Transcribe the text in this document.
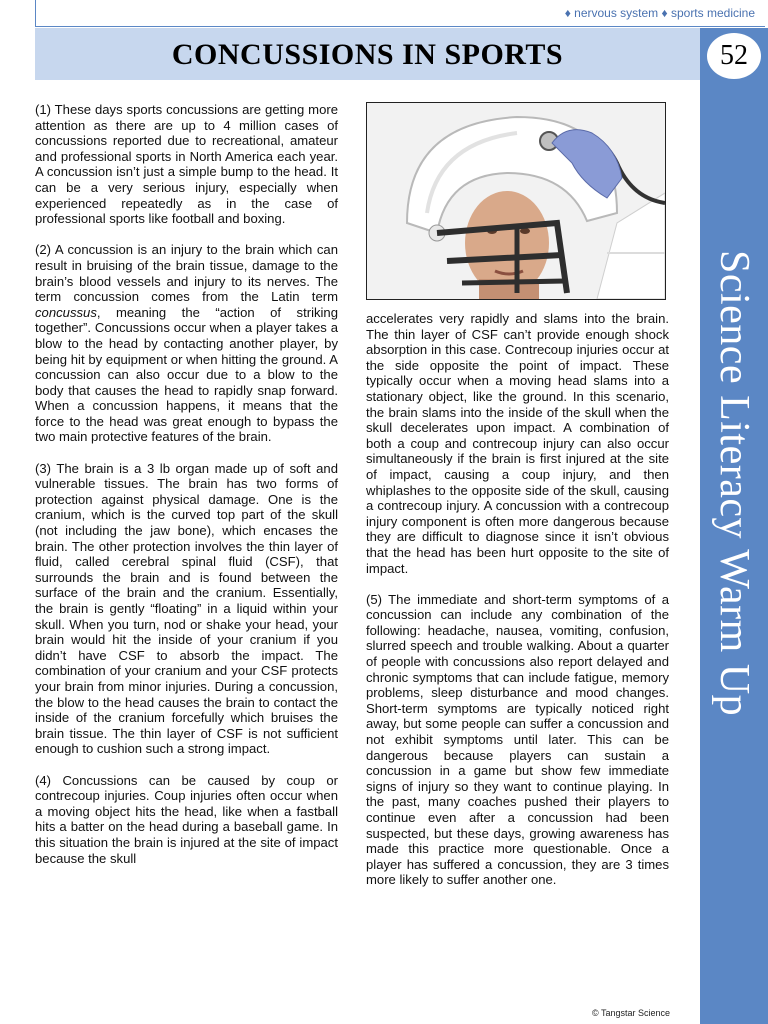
♦ nervous system ♦ sports medicine
CONCUSSIONS IN SPORTS	52
Science Literacy Warm Up

(1) These days sports concussions are getting more attention as there are up to 4 million cases of concussions reported due to recreational, amateur and professional sports in North America each year. A concussion isn’t just a simple bump to the head. It can be a very serious injury, especially when experienced repeatedly as in the case of professional sports like football and boxing.

(2) A concussion is an injury to the brain which can result in bruising of the brain tissue, damage to the brain’s blood vessels and injury to its nerves. The term concussion comes from the Latin term concussus, meaning the “action of striking together”. Concussions occur when a player takes a blow to the head by contacting another player, by being hit by equipment or when hitting the ground. A concussion can also occur due to a blow to the body that causes the head to rapidly snap forward. When a concussion happens, it means that the force to the head was great enough to bypass the two main protective features of the brain.

(3) The brain is a 3 lb organ made up of soft and vulnerable tissues. The brain has two forms of protection against physical damage. One is the cranium, which is the curved top part of the skull (not including the jaw bone), which encases the brain. The other protection involves the thin layer of fluid, called cerebral spinal fluid (CSF), that surrounds the brain and is found between the surface of the brain and the cranium. Essentially, the brain is gently “floating” in a liquid within your skull. When you turn, nod or shake your head, your brain would hit the inside of your cranium if you didn’t have CSF to absorb the impact. The combination of your cranium and your CSF protects your brain from minor injuries. During a concussion, the blow to the head causes the brain to contact the inside of the cranium forcefully which bruises the brain tissue. The thin layer of CSF is not sufficient enough to cushion such a strong impact.

(4) Concussions can be caused by coup or contrecoup injuries. Coup injuries often occur when a moving object hits the head, like when a fastball hits a batter on the head during a baseball game. In this situation the brain is injured at the site of impact because the skull

accelerates very rapidly and slams into the brain. The thin layer of CSF can’t provide enough shock absorption in this case. Contrecoup injuries occur at the side opposite the point of impact. These typically occur when a moving head slams into a stationary object, like the ground. In this scenario, the brain slams into the inside of the skull when the skull decelerates upon impact. A combination of both a coup and contrecoup injury can also occur simultaneously if the brain is first injured at the site of impact, causing a coup injury, and then whiplashes to the opposite side of the skull, causing a contrecoup injury. A concussion with a contrecoup injury component is often more dangerous because they are difficult to diagnose since it isn’t obvious that the head has been hurt opposite to the site of impact.

(5) The immediate and short-term symptoms of a concussion can include any combination of the following: headache, nausea, vomiting, confusion, slurred speech and trouble walking. About a quarter of people with concussions also report delayed and chronic symptoms that can include fatigue, memory problems, sleep disturbance and mood changes. Short-term symptoms are typically noticed right away, but some people can suffer a concussion and not exhibit symptoms until later. This can be dangerous because players can sustain a concussion in a game but show few immediate signs of injury so they want to continue playing. In the past, many coaches pushed their players to continue even after a concussion had been suspected, but these days, growing awareness has made this practice more questionable. Once a player has suffered a concussion, they are 3 times more likely to suffer another one.

© Tangstar Science
